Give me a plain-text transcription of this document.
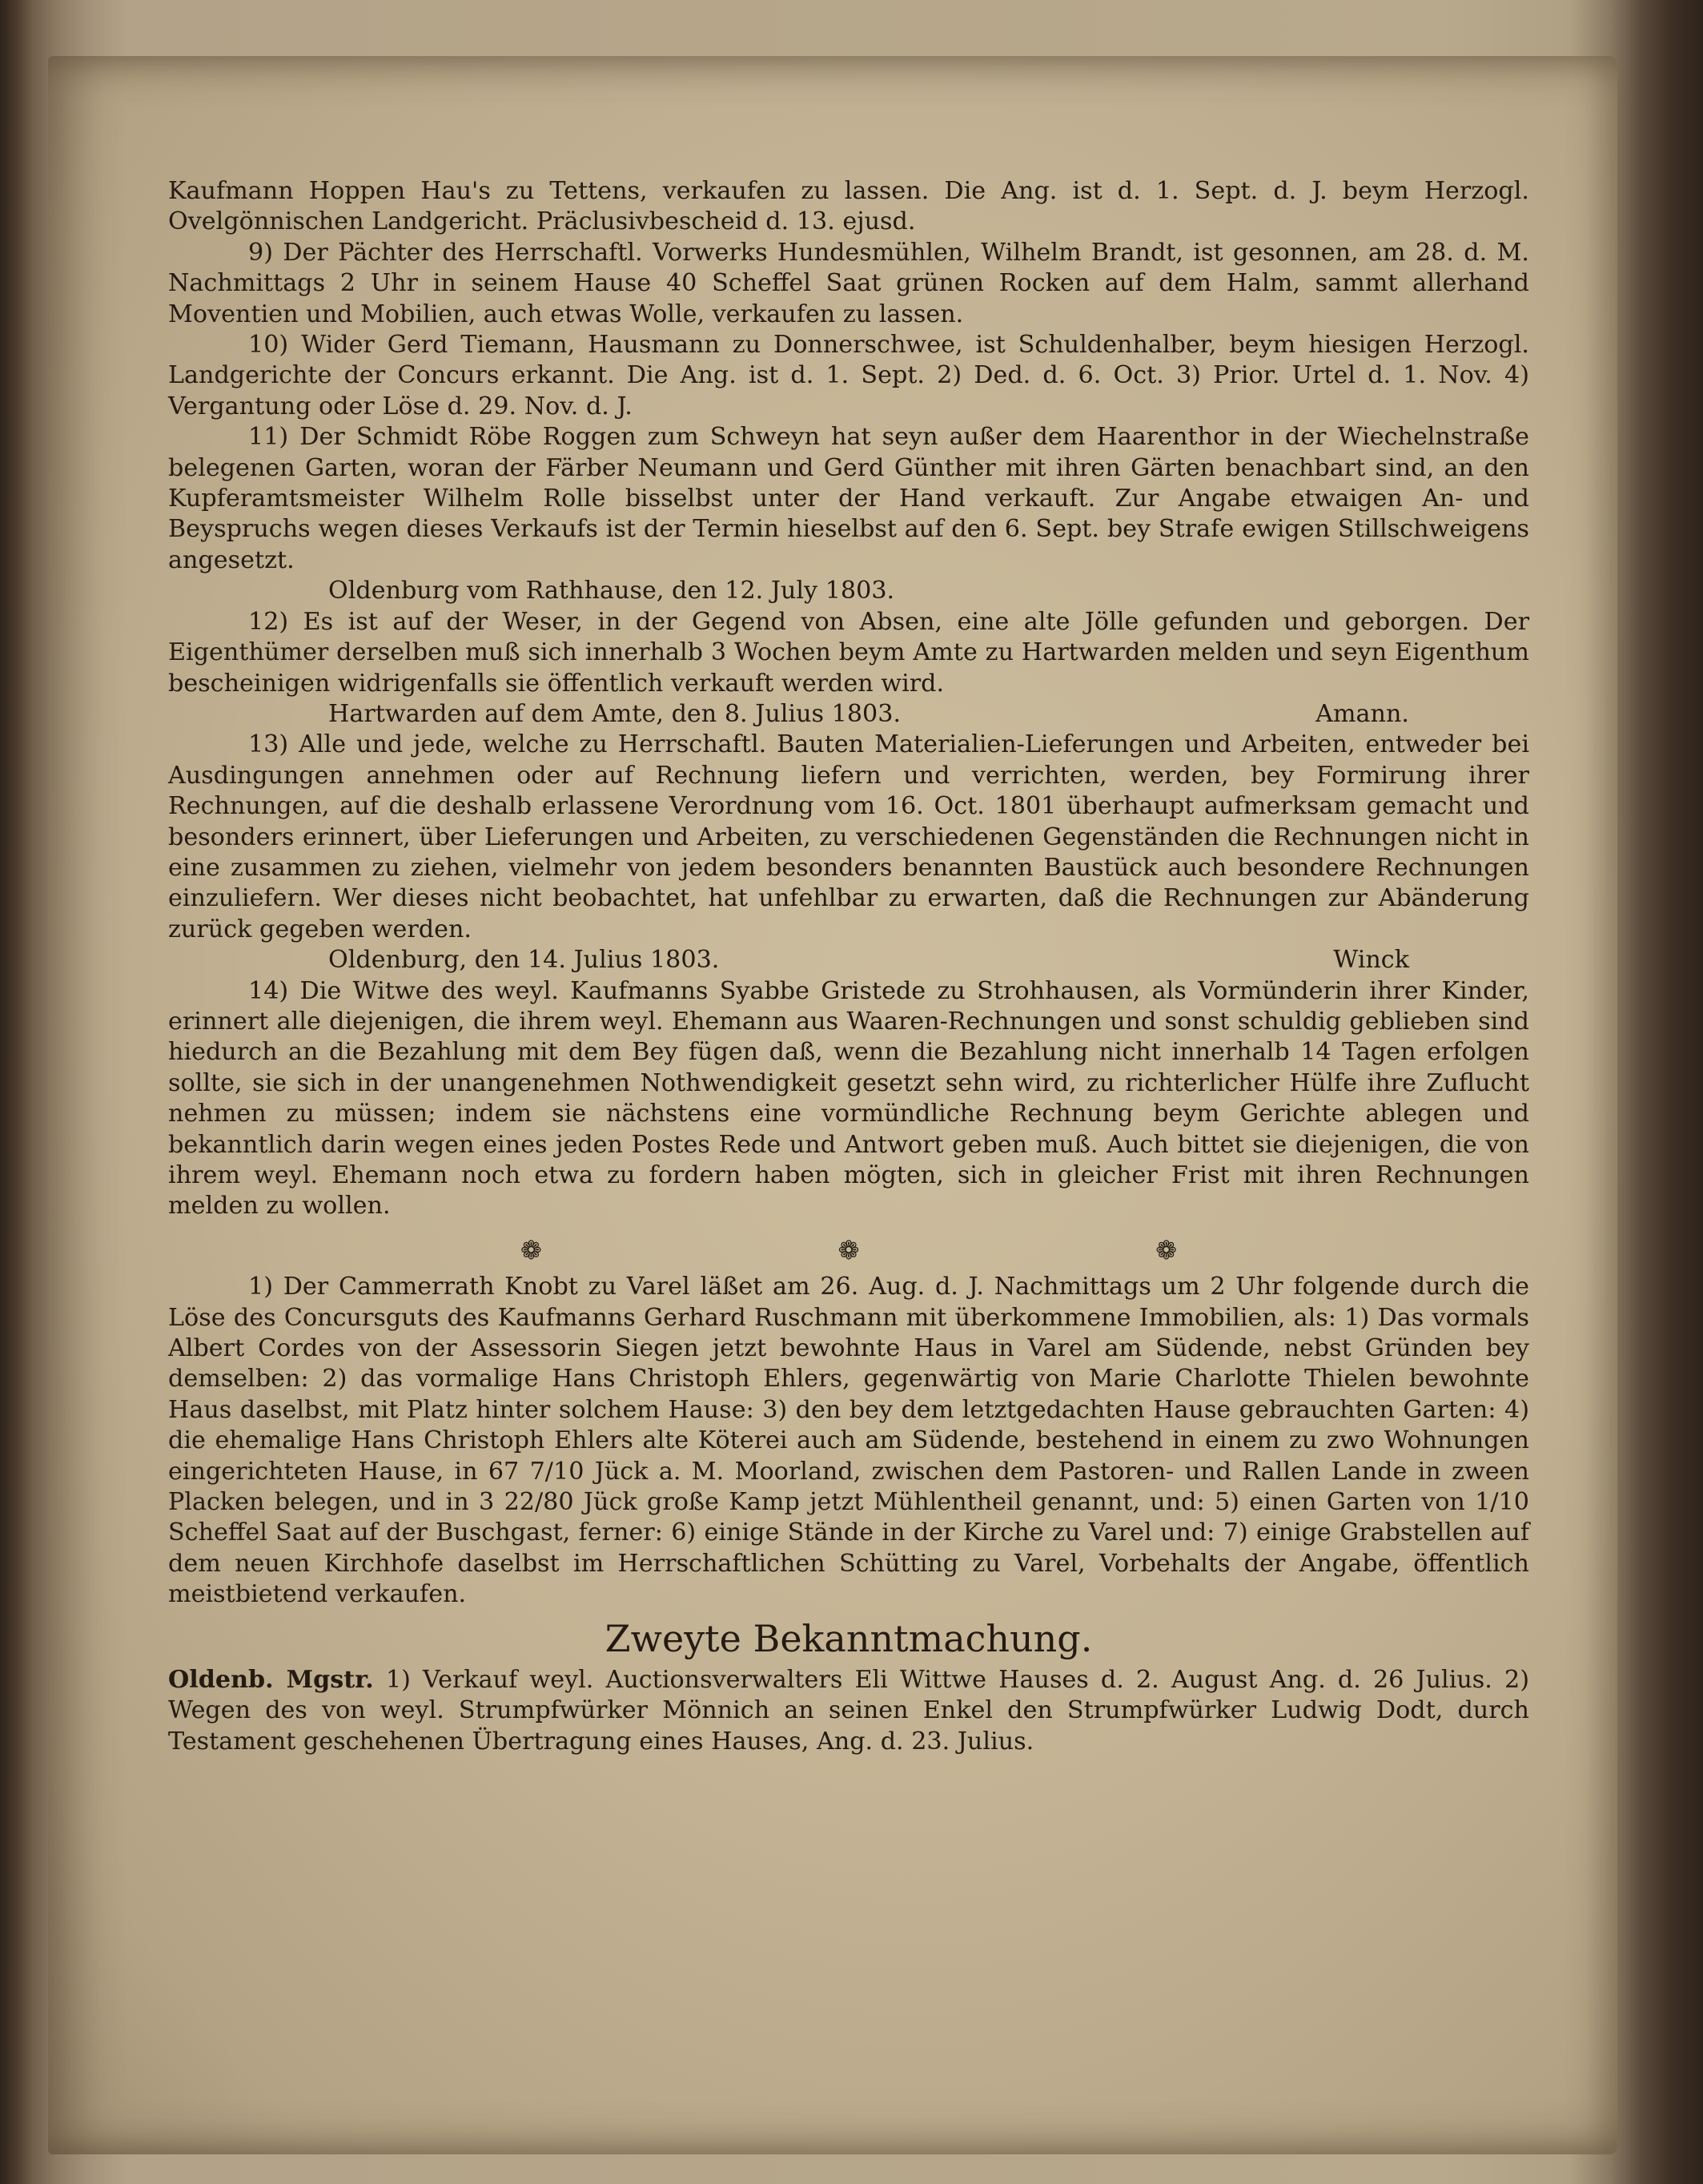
Kaufmann Hoppen Hau's zu Tettens, verkaufen zu lassen. Die Ang. ist d. 1. Sept. d. J. beym Herzogl. Ovelgönnischen Landgericht. Präclusivbescheid d. 13. ejusd.

9) Der Pächter des Herrschaftl. Vorwerks Hundesmühlen, Wilhelm Brandt, ist gesonnen, am 28. d. M. Nachmittags 2 Uhr in seinem Hause 40 Scheffel Saat grünen Rocken auf dem Halm, sammt allerhand Moventien und Mobilien, auch etwas Wolle, verkaufen zu lassen.

10) Wider Gerd Tiemann, Hausmann zu Donnerschwee, ist Schuldenhalber, beym hiesigen Herzogl. Landgerichte der Concurs erkannt. Die Ang. ist d. 1. Sept. 2) Ded. d. 6. Oct. 3) Prior. Urtel d. 1. Nov. 4) Vergantung oder Löse d. 29. Nov. d. J.

11) Der Schmidt Röbe Roggen zum Schweyn hat seyn außer dem Haarenthor in der Wiechelnstraße belegenen Garten, woran der Färber Neumann und Gerd Günther mit ihren Gärten benachbart sind, an den Kupferamtsmeister Wilhelm Rolle bisselbst unter der Hand verkauft. Zur Angabe etwaigen An- und Beyspruchs wegen dieses Verkaufs ist der Termin hieselbst auf den 6. Sept. bey Strafe ewigen Stillschweigens angesetzt.

Oldenburg vom Rathhause, den 12. July 1803.

12) Es ist auf der Weser, in der Gegend von Absen, eine alte Jölle gefunden und geborgen. Der Eigenthümer derselben muß sich innerhalb 3 Wochen beym Amte zu Hartwarden melden und seyn Eigenthum bescheinigen widrigenfalls sie öffentlich verkauft werden wird.

Hartwarden auf dem Amte, den 8. Julius 1803.	Amann.

13) Alle und jede, welche zu Herrschaftl. Bauten Materialien-Lieferungen und Arbeiten, entweder bei Ausdingungen annehmen oder auf Rechnung liefern und verrichten, werden, bey Formirung ihrer Rechnungen, auf die deshalb erlassene Verordnung vom 16. Oct. 1801 überhaupt aufmerksam gemacht und besonders erinnert, über Lieferungen und Arbeiten, zu verschiedenen Gegenständen die Rechnungen nicht in eine zusammen zu ziehen, vielmehr von jedem besonders benannten Baustück auch besondere Rechnungen einzuliefern. Wer dieses nicht beobachtet, hat unfehlbar zu erwarten, daß die Rechnungen zur Abänderung zurück gegeben werden.

Oldenburg, den 14. Julius 1803.	Winck

14) Die Witwe des weyl. Kaufmanns Syabbe Gristede zu Strohhausen, als Vormünderin ihrer Kinder, erinnert alle diejenigen, die ihrem weyl. Ehemann aus Waaren-Rechnungen und sonst schuldig geblieben sind hiedurch an die Bezahlung mit dem Bey fügen daß, wenn die Bezahlung nicht innerhalb 14 Tagen erfolgen sollte, sie sich in der unangenehmen Nothwendigkeit gesetzt sehn wird, zu richterlicher Hülfe ihre Zuflucht nehmen zu müssen; indem sie nächstens eine vormündliche Rechnung beym Gerichte ablegen und bekanntlich darin wegen eines jeden Postes Rede und Antwort geben muß. Auch bittet sie diejenigen, die von ihrem weyl. Ehemann noch etwa zu fordern haben mögten, sich in gleicher Frist mit ihren Rechnungen melden zu wollen.

❁	❁	❁

1) Der Cammerrath Knobt zu Varel läßet am 26. Aug. d. J. Nachmittags um 2 Uhr folgende durch die Löse des Concursguts des Kaufmanns Gerhard Ruschmann mit überkommene Immobilien, als: 1) Das vormals Albert Cordes von der Assessorin Siegen jetzt bewohnte Haus in Varel am Südende, nebst Gründen bey demselben: 2) das vormalige Hans Christoph Ehlers, gegenwärtig von Marie Charlotte Thielen bewohnte Haus daselbst, mit Platz hinter solchem Hause: 3) den bey dem letztgedachten Hause gebrauchten Garten: 4) die ehemalige Hans Christoph Ehlers alte Köterei auch am Südende, bestehend in einem zu zwo Wohnungen eingerichteten Hause, in 67 7/10 Jück a. M. Moorland, zwischen dem Pastoren- und Rallen Lande in zween Placken belegen, und in 3 22/80 Jück große Kamp jetzt Mühlentheil genannt, und: 5) einen Garten von 1/10 Scheffel Saat auf der Buschgast, ferner: 6) einige Stände in der Kirche zu Varel und: 7) einige Grabstellen auf dem neuen Kirchhofe daselbst im Herrschaftlichen Schütting zu Varel, Vorbehalts der Angabe, öffentlich meistbietend verkaufen.

Zweyte Bekanntmachung.

Oldenb. Mgstr. 1) Verkauf weyl. Auctionsverwalters Eli Wittwe Hauses d. 2. August Ang. d. 26 Julius. 2) Wegen des von weyl. Strumpfwürker Mönnich an seinen Enkel den Strumpfwürker Ludwig Dodt, durch Testament geschehenen Übertragung eines Hauses, Ang. d. 23. Julius.
